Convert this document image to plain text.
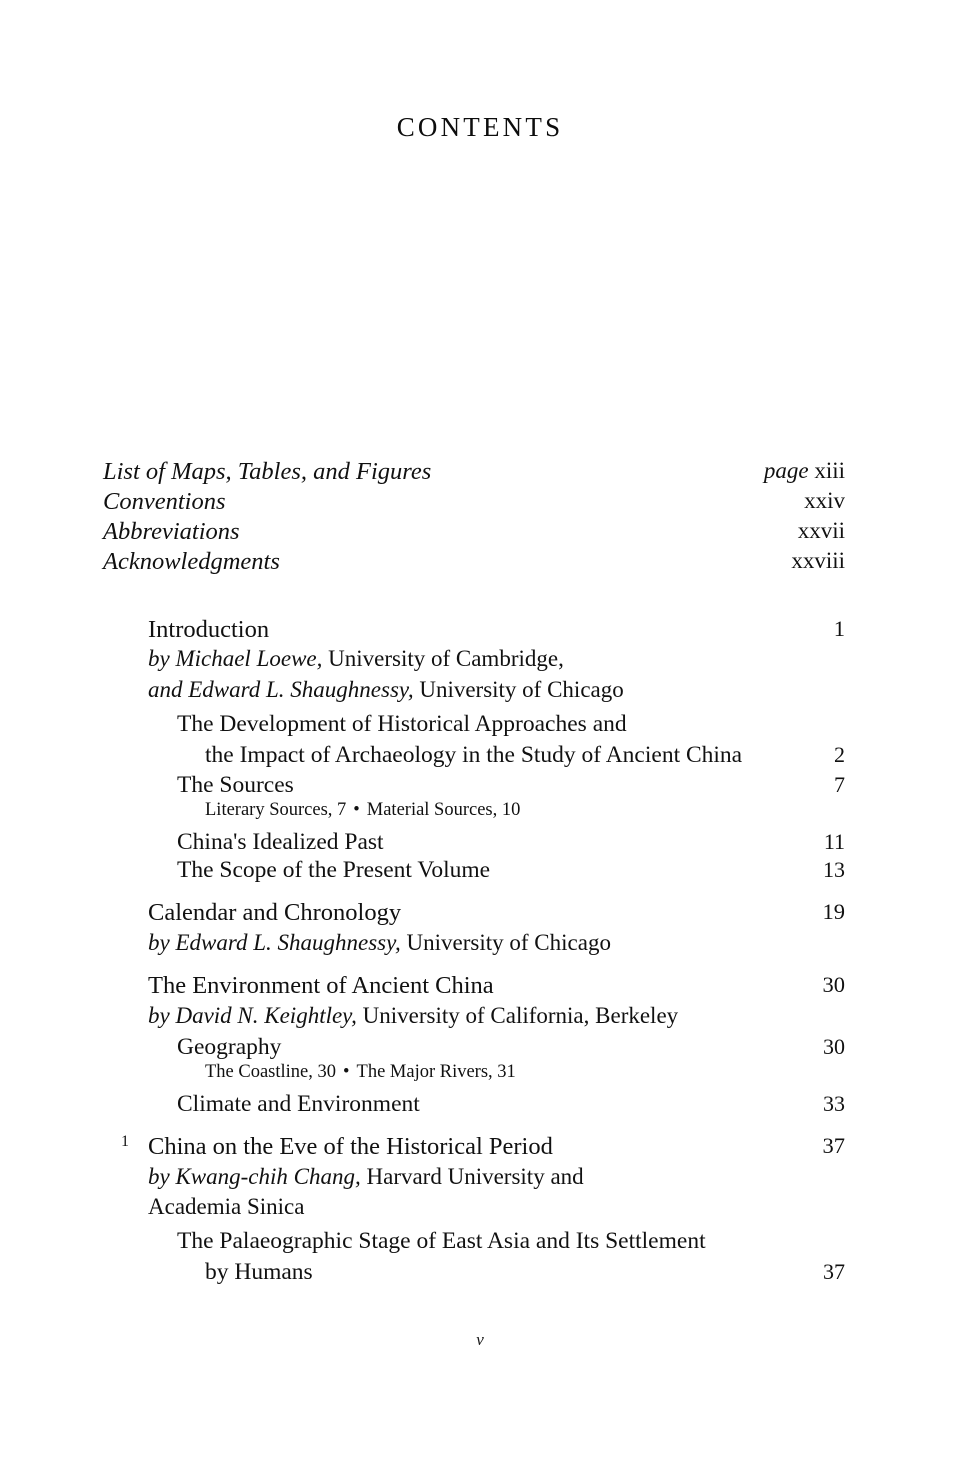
CONTENTS
List of Maps, Tables, and Figures	page xiii
Conventions	xxiv
Abbreviations	xxvii
Acknowledgments	xxviii
Introduction	1
by Michael Loewe, University of Cambridge,
and Edward L. Shaughnessy, University of Chicago
The Development of Historical Approaches and
the Impact of Archaeology in the Study of Ancient China	2
The Sources	7
Literary Sources, 7 • Material Sources, 10
China's Idealized Past	11
The Scope of the Present Volume	13
Calendar and Chronology	19
by Edward L. Shaughnessy, University of Chicago
The Environment of Ancient China	30
by David N. Keightley, University of California, Berkeley
Geography	30
The Coastline, 30 • The Major Rivers, 31
Climate and Environment	33
1 China on the Eve of the Historical Period	37
by Kwang-chih Chang, Harvard University and
Academia Sinica
The Palaeographic Stage of East Asia and Its Settlement
by Humans	37
v
